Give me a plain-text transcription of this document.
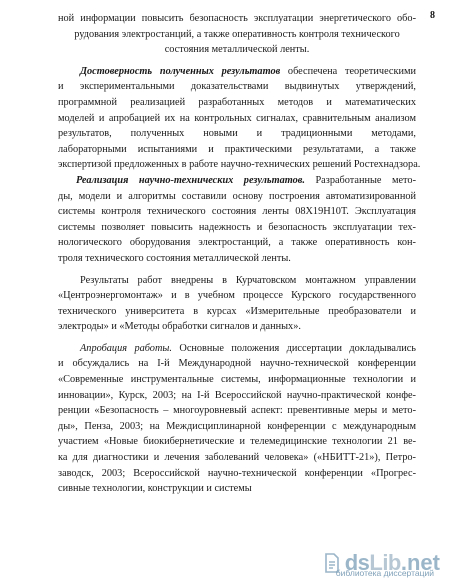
8

ной информации повысить безопасность эксплуатации энергетического обо-
рудования электростанций, а также оперативность контроля технического
состояния металлической ленты.

Достоверность полученных результатов обеспечена теоретическими
и экспериментальными доказательствами выдвинутых утверждений,
программной реализацией разработанных методов и математических
моделей и апробацией их на контрольных сигналах, сравнительным анализом
результатов, полученных новыми и традиционными методами,
лабораторными испытаниями и практическими результатами, а также
экспертизой предложенных в работе научно-технических решений Ростехнадзора.

Реализация научно-технических результатов. Разработанные мето-
ды, модели и алгоритмы составили основу построения автоматизированной
системы контроля технического состояния ленты 08Х19Н10Т. Эксплуатация
системы позволяет повысить надежность и безопасность эксплуатации тех-
нологического оборудования электростанций, а также оперативность кон-
троля технического состояния металлической ленты.

Результаты работ внедрены в Курчатовском монтажном управлении
«Центроэнергомонтаж» и в учебном процессе Курского государственного
технического университета в курсах «Измерительные преобразователи и
электроды» и «Методы обработки сигналов и данных».

Апробация работы. Основные положения диссертации докладывались
и обсуждались на I-й Международной научно-технической конференции
«Современные инструментальные системы, информационные технологии и
инновации», Курск, 2003; на I-й Всероссийской научно-практической конфе-
ренции «Безопасность – многоуровневый аспект: превентивные меры и мето-
ды», Пенза, 2003; на Междисциплинарной конференции с международным
участием «Новые биокибернетические и телемедицинские технологии 21 ве-
ка для диагностики и лечения заболеваний человека» («НБИТТ-21»), Петро-
заводск, 2003; Всероссийской научно-технической конференции «Прогрес-
сивные технологии, конструкции и системы

ds Lib .net
библиотека диссертаций
